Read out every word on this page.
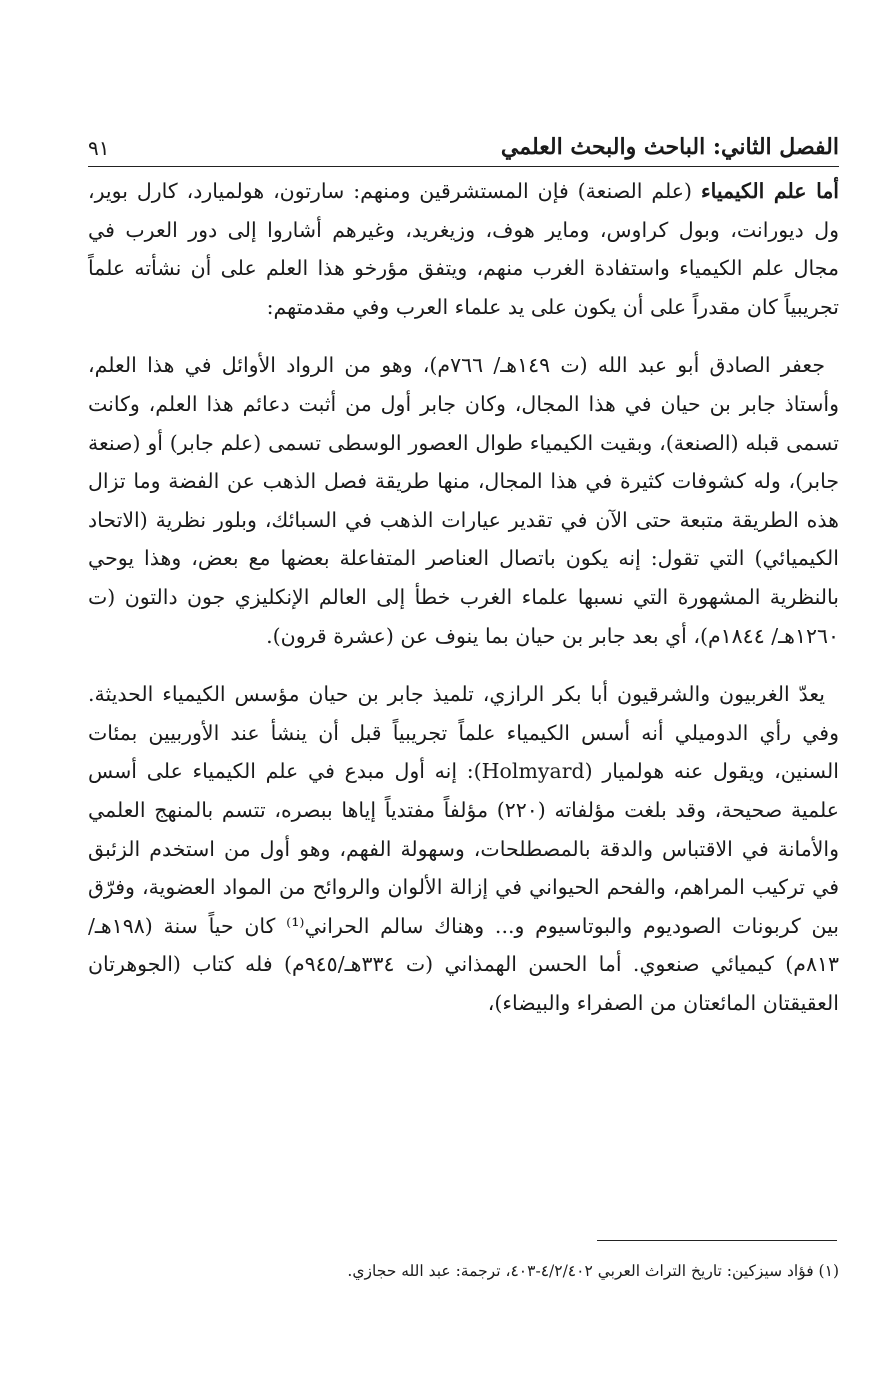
الفصل الثاني: الباحث والبحث العلمي
٩١

أما علم الكيمياء (علم الصنعة) فإن المستشرقين ومنهم: سارتون، هولميارد، كارل بوير، ول ديورانت، وبول كراوس، وماير هوف، وزيغريد، وغيرهم أشاروا إلى دور العرب في مجال علم الكيمياء واستفادة الغرب منهم، ويتفق مؤرخو هذا العلم على أن نشأته علماً تجريبياً كان مقدراً على أن يكون على يد علماء العرب وفي مقدمتهم:

جعفر الصادق أبو عبد الله (ت ١٤٩هـ/ ٧٦٦م)، وهو من الرواد الأوائل في هذا العلم، وأستاذ جابر بن حيان في هذا المجال، وكان جابر أول من أثبت دعائم هذا العلم، وكانت تسمى قبله (الصنعة)، وبقيت الكيمياء طوال العصور الوسطى تسمى (علم جابر) أو (صنعة جابر)، وله كشوفات كثيرة في هذا المجال، منها طريقة فصل الذهب عن الفضة وما تزال هذه الطريقة متبعة حتى الآن في تقدير عيارات الذهب في السبائك، وبلور نظرية (الاتحاد الكيميائي) التي تقول: إنه يكون باتصال العناصر المتفاعلة بعضها مع بعض، وهذا يوحي بالنظرية المشهورة التي نسبها علماء الغرب خطأ إلى العالم الإنكليزي جون دالتون (ت ١٢٦٠هـ/ ١٨٤٤م)، أي بعد جابر بن حيان بما ينوف عن (عشرة قرون).

يعدّ الغربيون والشرقيون أبا بكر الرازي، تلميذ جابر بن حيان مؤسس الكيمياء الحديثة. وفي رأي الدوميلي أنه أسس الكيمياء علماً تجريبياً قبل أن ينشأ عند الأوربيين بمئات السنين، ويقول عنه هولميار (Holmyard): إنه أول مبدع في علم الكيمياء على أسس علمية صحيحة، وقد بلغت مؤلفاته (٢٢٠) مؤلفاً مفتدياً إياها ببصره، تتسم بالمنهج العلمي والأمانة في الاقتباس والدقة بالمصطلحات، وسهولة الفهم، وهو أول من استخدم الزئبق في تركيب المراهم، والفحم الحيواني في إزالة الألوان والروائح من المواد العضوية، وفرّق بين كربونات الصوديوم والبوتاسيوم و... وهناك سالم الحراني⁽¹⁾ كان حياً سنة (١٩٨هـ/٨١٣م) كيميائي صنعوي. أما الحسن الهمذاني (ت ٣٣٤هـ/٩٤٥م) فله كتاب (الجوهرتان العقيقتان المائعتان من الصفراء والبيضاء)،

(١) فؤاد سيزكين: تاريخ التراث العربي ٤/٢/٤٠٢-٤٠٣، ترجمة: عبد الله حجازي.
